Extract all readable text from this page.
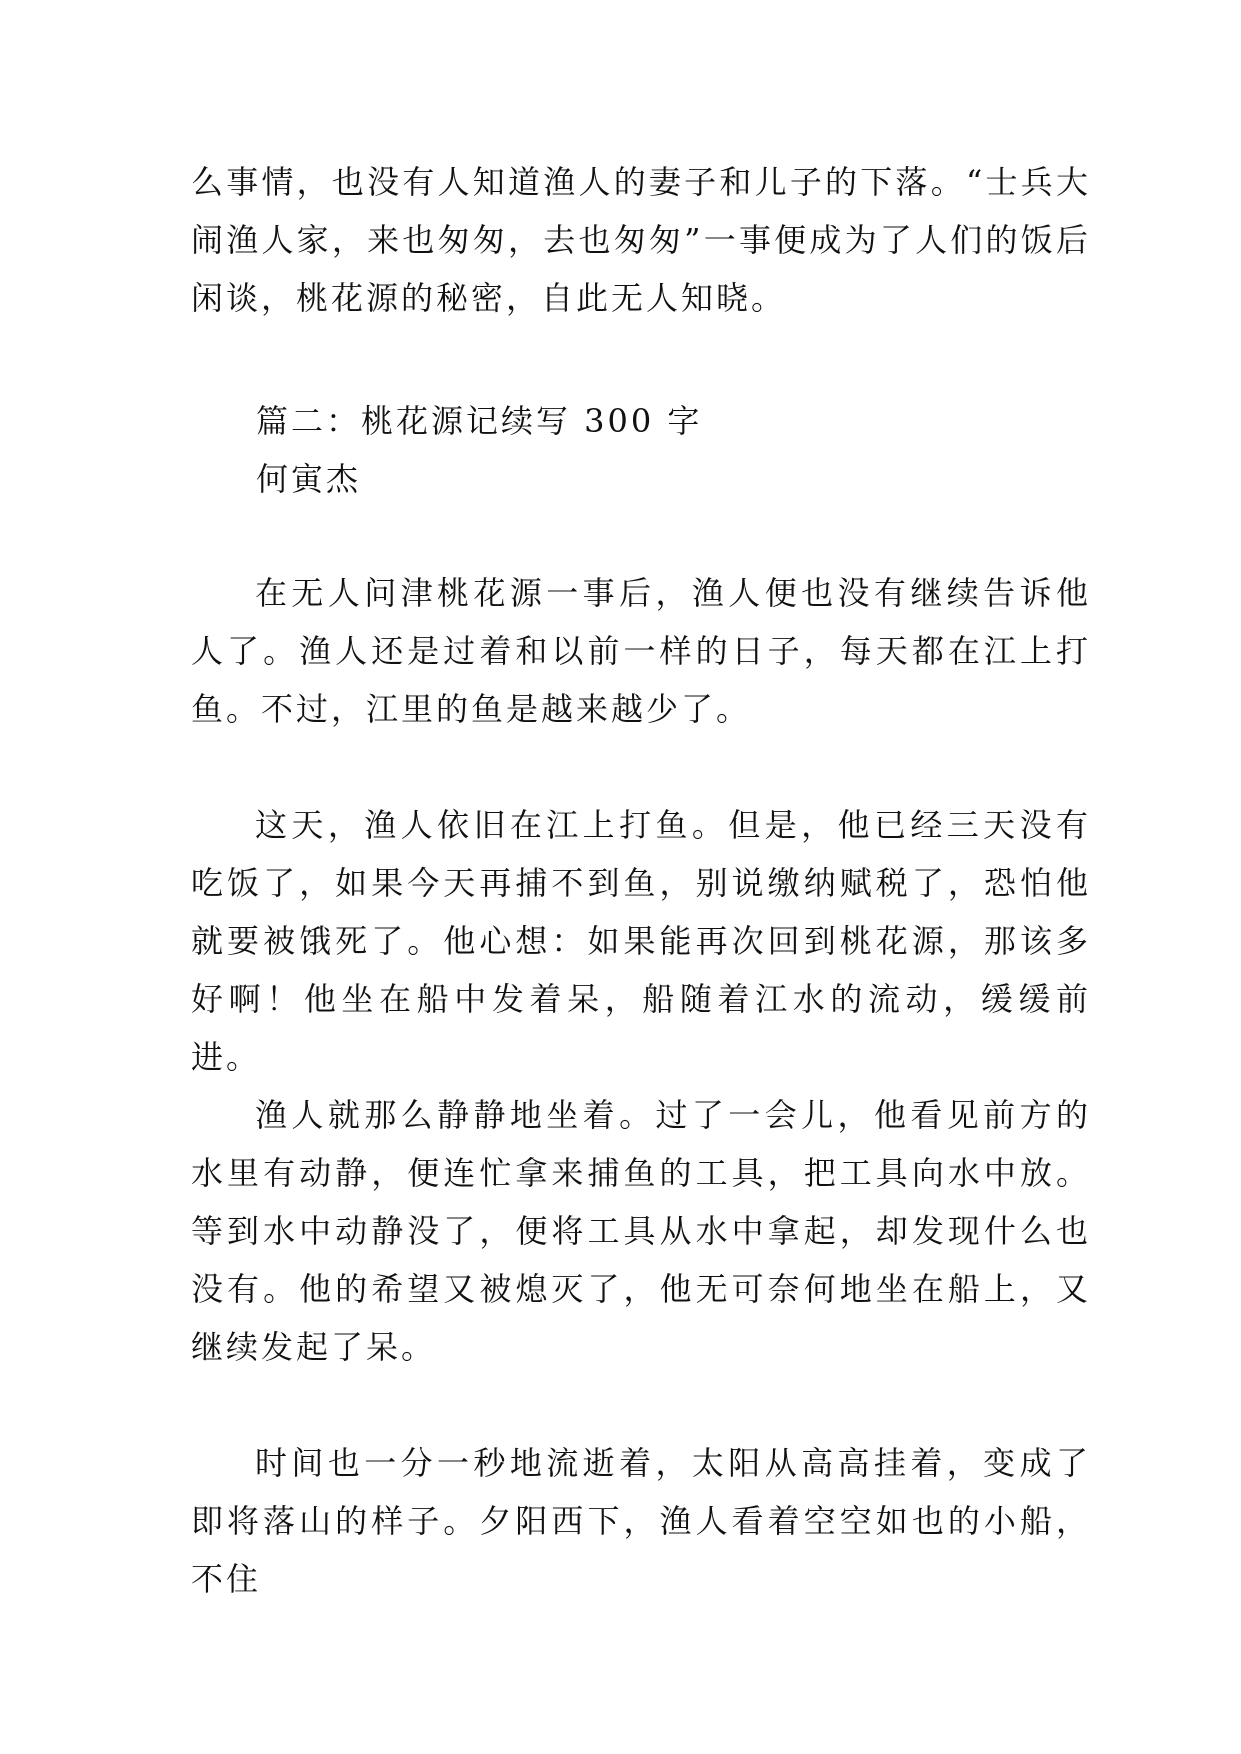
么事情，也没有人知道渔人的妻子和儿子的下落。“士兵大闹渔人家，来也匆匆，去也匆匆”一事便成为了人们的饭后闲谈，桃花源的秘密，自此无人知晓。
篇二：桃花源记续写 300 字
何寅杰
在无人问津桃花源一事后，渔人便也没有继续告诉他人了。渔人还是过着和以前一样的日子，每天都在江上打鱼。不过，江里的鱼是越来越少了。
这天，渔人依旧在江上打鱼。但是，他已经三天没有吃饭了，如果今天再捕不到鱼，别说缴纳赋税了，恐怕他就要被饿死了。他心想：如果能再次回到桃花源，那该多好啊！他坐在船中发着呆，船随着江水的流动，缓缓前进。
渔人就那么静静地坐着。过了一会儿，他看见前方的水里有动静，便连忙拿来捕鱼的工具，把工具向水中放。等到水中动静没了，便将工具从水中拿起，却发现什么也没有。他的希望又被熄灭了，他无可奈何地坐在船上，又继续发起了呆。
时间也一分一秒地流逝着，太阳从高高挂着，变成了即将落山的样子。夕阳西下，渔人看着空空如也的小船，不住
